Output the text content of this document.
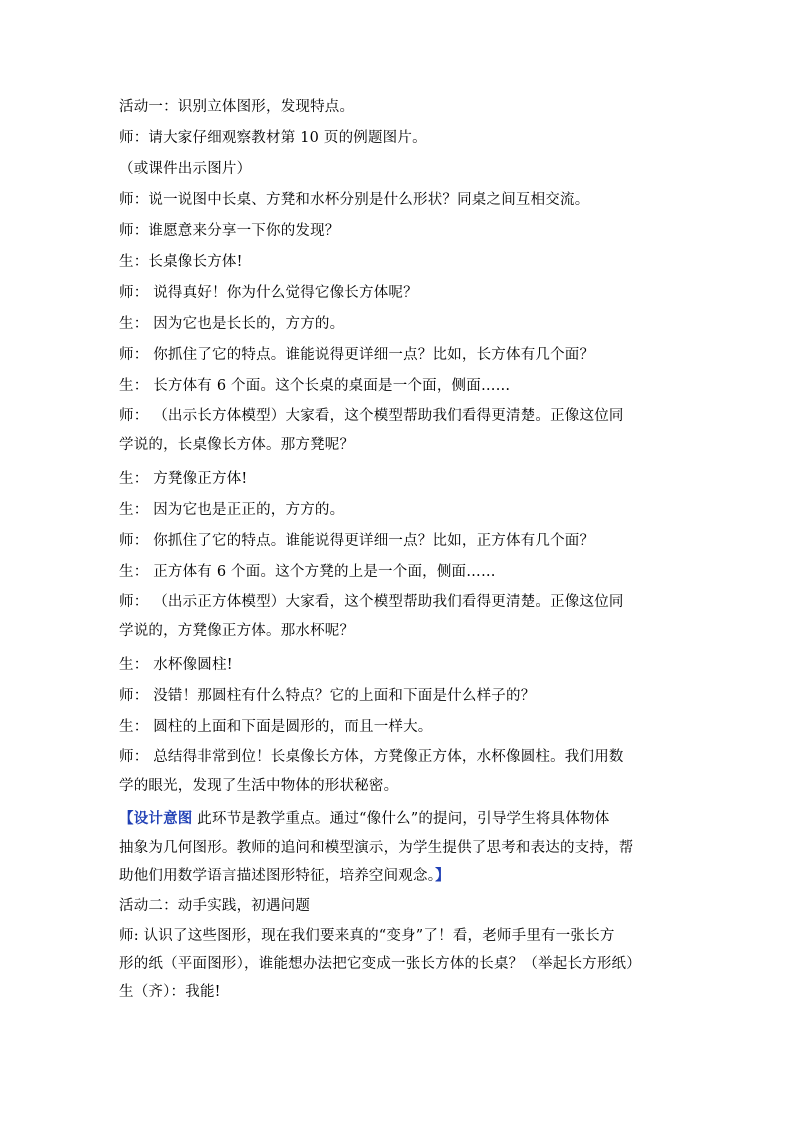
活动一：识别立体图形，发现特点。
师：请大家仔细观察教材第 10 页的例题图片。
（或课件出示图片）
师：说一说图中长桌、方凳和水杯分别是什么形状？同桌之间互相交流。
师：谁愿意来分享一下你的发现？
生：长桌像长方体!
师： 说得真好！你为什么觉得它像长方体呢？
生： 因为它也是长长的，方方的。
师： 你抓住了它的特点。谁能说得更详细一点？比如，长方体有几个面？
生： 长方体有 6 个面。这个长桌的桌面是一个面，侧面……
师： （出示长方体模型）大家看，这个模型帮助我们看得更清楚。正像这位同
学说的，长桌像长方体。那方凳呢？
生： 方凳像正方体!
生： 因为它也是正正的，方方的。
师： 你抓住了它的特点。谁能说得更详细一点？比如，正方体有几个面？
生： 正方体有 6 个面。这个方凳的上是一个面，侧面……
师： （出示正方体模型）大家看，这个模型帮助我们看得更清楚。正像这位同
学说的，方凳像正方体。那水杯呢？
生： 水杯像圆柱!
师： 没错！那圆柱有什么特点？它的上面和下面是什么样子的？
生： 圆柱的上面和下面是圆形的，而且一样大。
师： 总结得非常到位！长桌像长方体，方凳像正方体，水杯像圆柱。我们用数
学的眼光，发现了生活中物体的形状秘密。
【设计意图 此环节是教学重点。通过“像什么”的提问，引导学生将具体物体
抽象为几何图形。教师的追问和模型演示，为学生提供了思考和表达的支持，帮
助他们用数学语言描述图形特征，培养空间观念。】
活动二：动手实践，初遇问题
师: 认识了这些图形，现在我们要来真的“变身”了！看，老师手里有一张长方
形的纸（平面图形），谁能想办法把它变成一张长方体的长桌？（举起长方形纸）
生（齐）：我能!
